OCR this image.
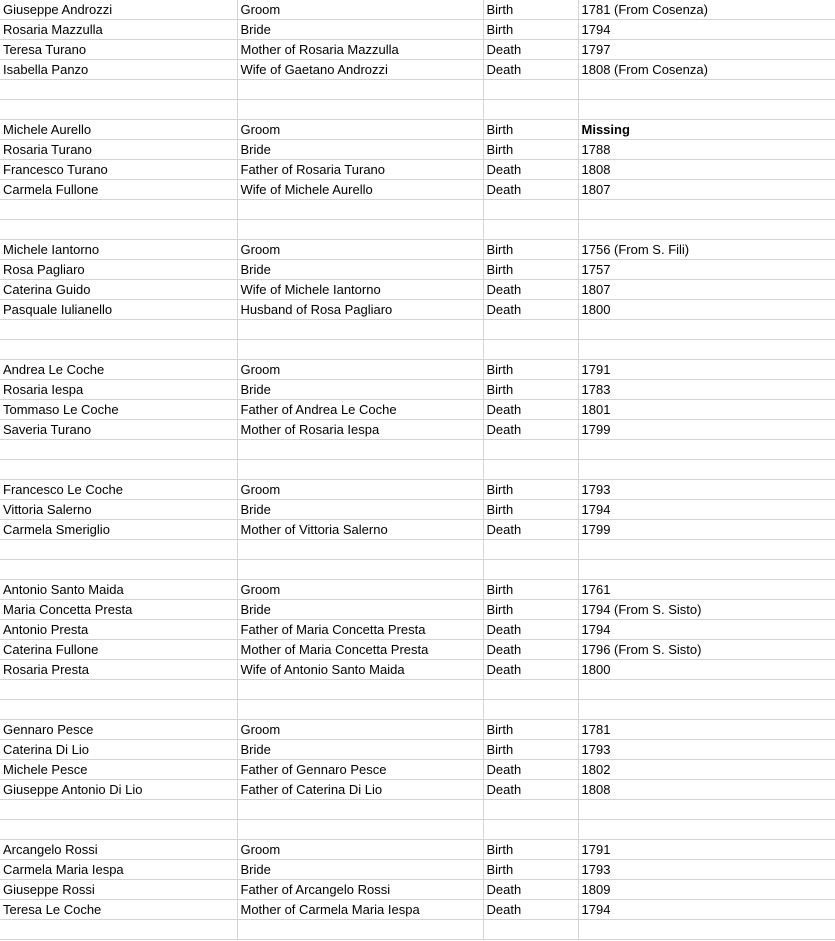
Giuseppe Androzzi	Groom	Birth	1781 (From Cosenza)
Rosaria Mazzulla	Bride	Birth	1794
Teresa Turano	Mother of Rosaria Mazzulla	Death	1797
Isabella Panzo	Wife of Gaetano Androzzi	Death	1808 (From Cosenza)

Michele Aurello	Groom	Birth	Missing
Rosaria Turano	Bride	Birth	1788
Francesco Turano	Father of Rosaria Turano	Death	1808
Carmela Fullone	Wife of Michele Aurello	Death	1807

Michele Iantorno	Groom	Birth	1756 (From S. Fili)
Rosa Pagliaro	Bride	Birth	1757
Caterina Guido	Wife of Michele Iantorno	Death	1807
Pasquale Iulianello	Husband of Rosa Pagliaro	Death	1800

Andrea Le Coche	Groom	Birth	1791
Rosaria Iespa	Bride	Birth	1783
Tommaso Le Coche	Father of Andrea Le Coche	Death	1801
Saveria Turano	Mother of Rosaria Iespa	Death	1799

Francesco Le Coche	Groom	Birth	1793
Vittoria Salerno	Bride	Birth	1794
Carmela Smeriglio	Mother of Vittoria Salerno	Death	1799

Antonio Santo Maida	Groom	Birth	1761
Maria Concetta Presta	Bride	Birth	1794 (From S. Sisto)
Antonio Presta	Father of Maria Concetta Presta	Death	1794
Caterina Fullone	Mother of Maria Concetta Presta	Death	1796 (From S. Sisto)
Rosaria Presta	Wife of Antonio Santo Maida	Death	1800

Gennaro Pesce	Groom	Birth	1781
Caterina Di Lio	Bride	Birth	1793
Michele Pesce	Father of Gennaro Pesce	Death	1802
Giuseppe Antonio Di Lio	Father of Caterina Di Lio	Death	1808

Arcangelo Rossi	Groom	Birth	1791
Carmela Maria Iespa	Bride	Birth	1793
Giuseppe Rossi	Father of Arcangelo Rossi	Death	1809
Teresa Le Coche	Mother of Carmela Maria Iespa	Death	1794
